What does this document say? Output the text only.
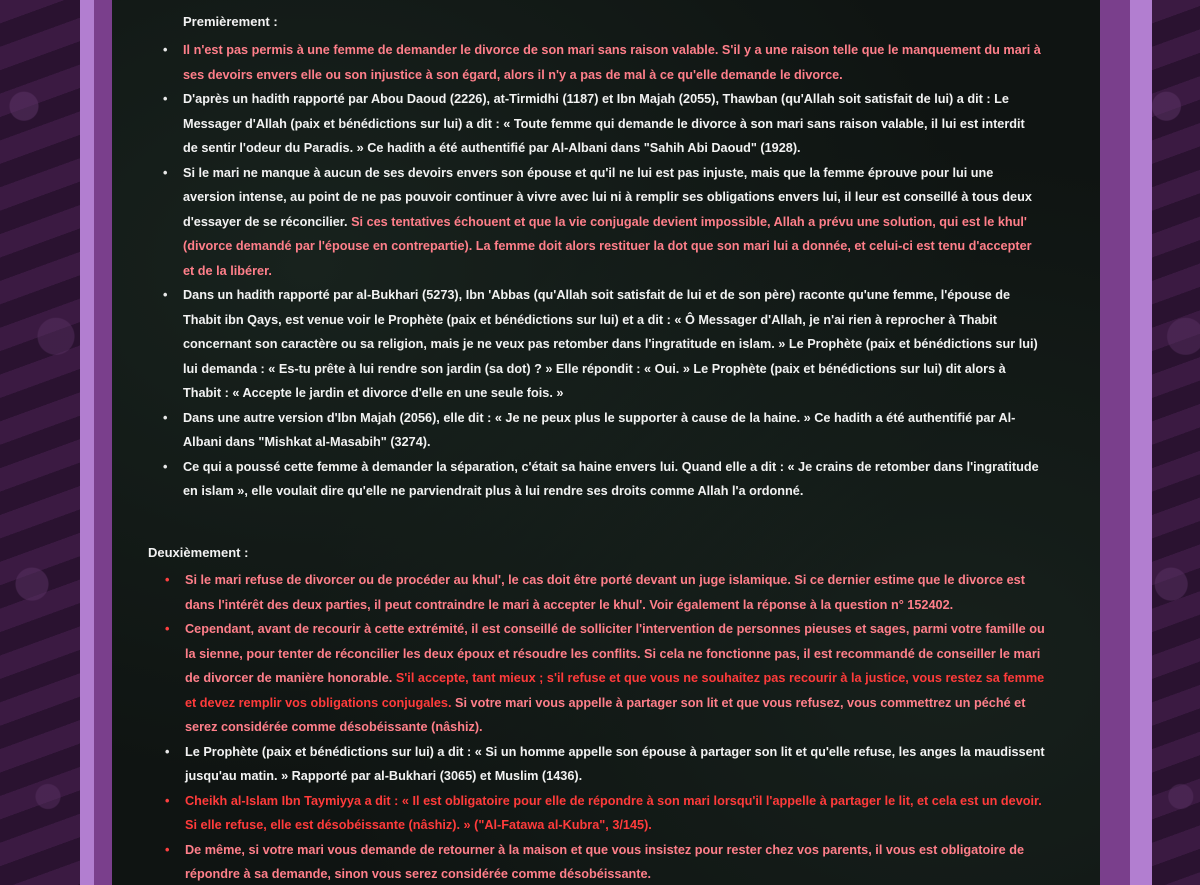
Premièrement :
• Il n'est pas permis à une femme de demander le divorce de son mari sans raison valable. S'il y a une raison telle que le manquement du mari à ses devoirs envers elle ou son injustice à son égard, alors il n'y a pas de mal à ce qu'elle demande le divorce.
• D'après un hadith rapporté par Abou Daoud (2226), at-Tirmidhi (1187) et Ibn Majah (2055), Thawban (qu'Allah soit satisfait de lui) a dit : Le Messager d'Allah (paix et bénédictions sur lui) a dit : « Toute femme qui demande le divorce à son mari sans raison valable, il lui est interdit de sentir l'odeur du Paradis. » Ce hadith a été authentifié par Al-Albani dans "Sahih Abi Daoud" (1928).
• Si le mari ne manque à aucun de ses devoirs envers son épouse et qu'il ne lui est pas injuste, mais que la femme éprouve pour lui une aversion intense, au point de ne pas pouvoir continuer à vivre avec lui ni à remplir ses obligations envers lui, il leur est conseillé à tous deux d'essayer de se réconcilier. Si ces tentatives échouent et que la vie conjugale devient impossible, Allah a prévu une solution, qui est le khul' (divorce demandé par l'épouse en contrepartie). La femme doit alors restituer la dot que son mari lui a donnée, et celui-ci est tenu d'accepter et de la libérer.
• Dans un hadith rapporté par al-Bukhari (5273), Ibn 'Abbas (qu'Allah soit satisfait de lui et de son père) raconte qu'une femme, l'épouse de Thabit ibn Qays, est venue voir le Prophète (paix et bénédictions sur lui) et a dit : « Ô Messager d'Allah, je n'ai rien à reprocher à Thabit concernant son caractère ou sa religion, mais je ne veux pas retomber dans l'ingratitude en islam. » Le Prophète (paix et bénédictions sur lui) lui demanda : « Es-tu prête à lui rendre son jardin (sa dot) ? » Elle répondit : « Oui. » Le Prophète (paix et bénédictions sur lui) dit alors à Thabit : « Accepte le jardin et divorce d'elle en une seule fois. »
• Dans une autre version d'Ibn Majah (2056), elle dit : « Je ne peux plus le supporter à cause de la haine. » Ce hadith a été authentifié par Al-Albani dans "Mishkat al-Masabih" (3274).
• Ce qui a poussé cette femme à demander la séparation, c'était sa haine envers lui. Quand elle a dit : « Je crains de retomber dans l'ingratitude en islam », elle voulait dire qu'elle ne parviendrait plus à lui rendre ses droits comme Allah l'a ordonné.
Deuxièmement :
• Si le mari refuse de divorcer ou de procéder au khul', le cas doit être porté devant un juge islamique. Si ce dernier estime que le divorce est dans l'intérêt des deux parties, il peut contraindre le mari à accepter le khul'. Voir également la réponse à la question n° 152402.
• Cependant, avant de recourir à cette extrémité, il est conseillé de solliciter l'intervention de personnes pieuses et sages, parmi votre famille ou la sienne, pour tenter de réconcilier les deux époux et résoudre les conflits. Si cela ne fonctionne pas, il est recommandé de conseiller le mari de divorcer de manière honorable. S'il accepte, tant mieux ; s'il refuse et que vous ne souhaitez pas recourir à la justice, vous restez sa femme et devez remplir vos obligations conjugales. Si votre mari vous appelle à partager son lit et que vous refusez, vous commettrez un péché et serez considérée comme désobéissante (nâshiz).
• Le Prophète (paix et bénédictions sur lui) a dit : « Si un homme appelle son épouse à partager son lit et qu'elle refuse, les anges la maudissent jusqu'au matin. » Rapporté par al-Bukhari (3065) et Muslim (1436).
• Cheikh al-Islam Ibn Taymiyya a dit : « Il est obligatoire pour elle de répondre à son mari lorsqu'il l'appelle à partager le lit, et cela est un devoir. Si elle refuse, elle est désobéissante (nâshiz). » ("Al-Fatawa al-Kubra", 3/145).
• De même, si votre mari vous demande de retourner à la maison et que vous insistez pour rester chez vos parents, il vous est obligatoire de répondre à sa demande, sinon vous serez considérée comme désobéissante.
